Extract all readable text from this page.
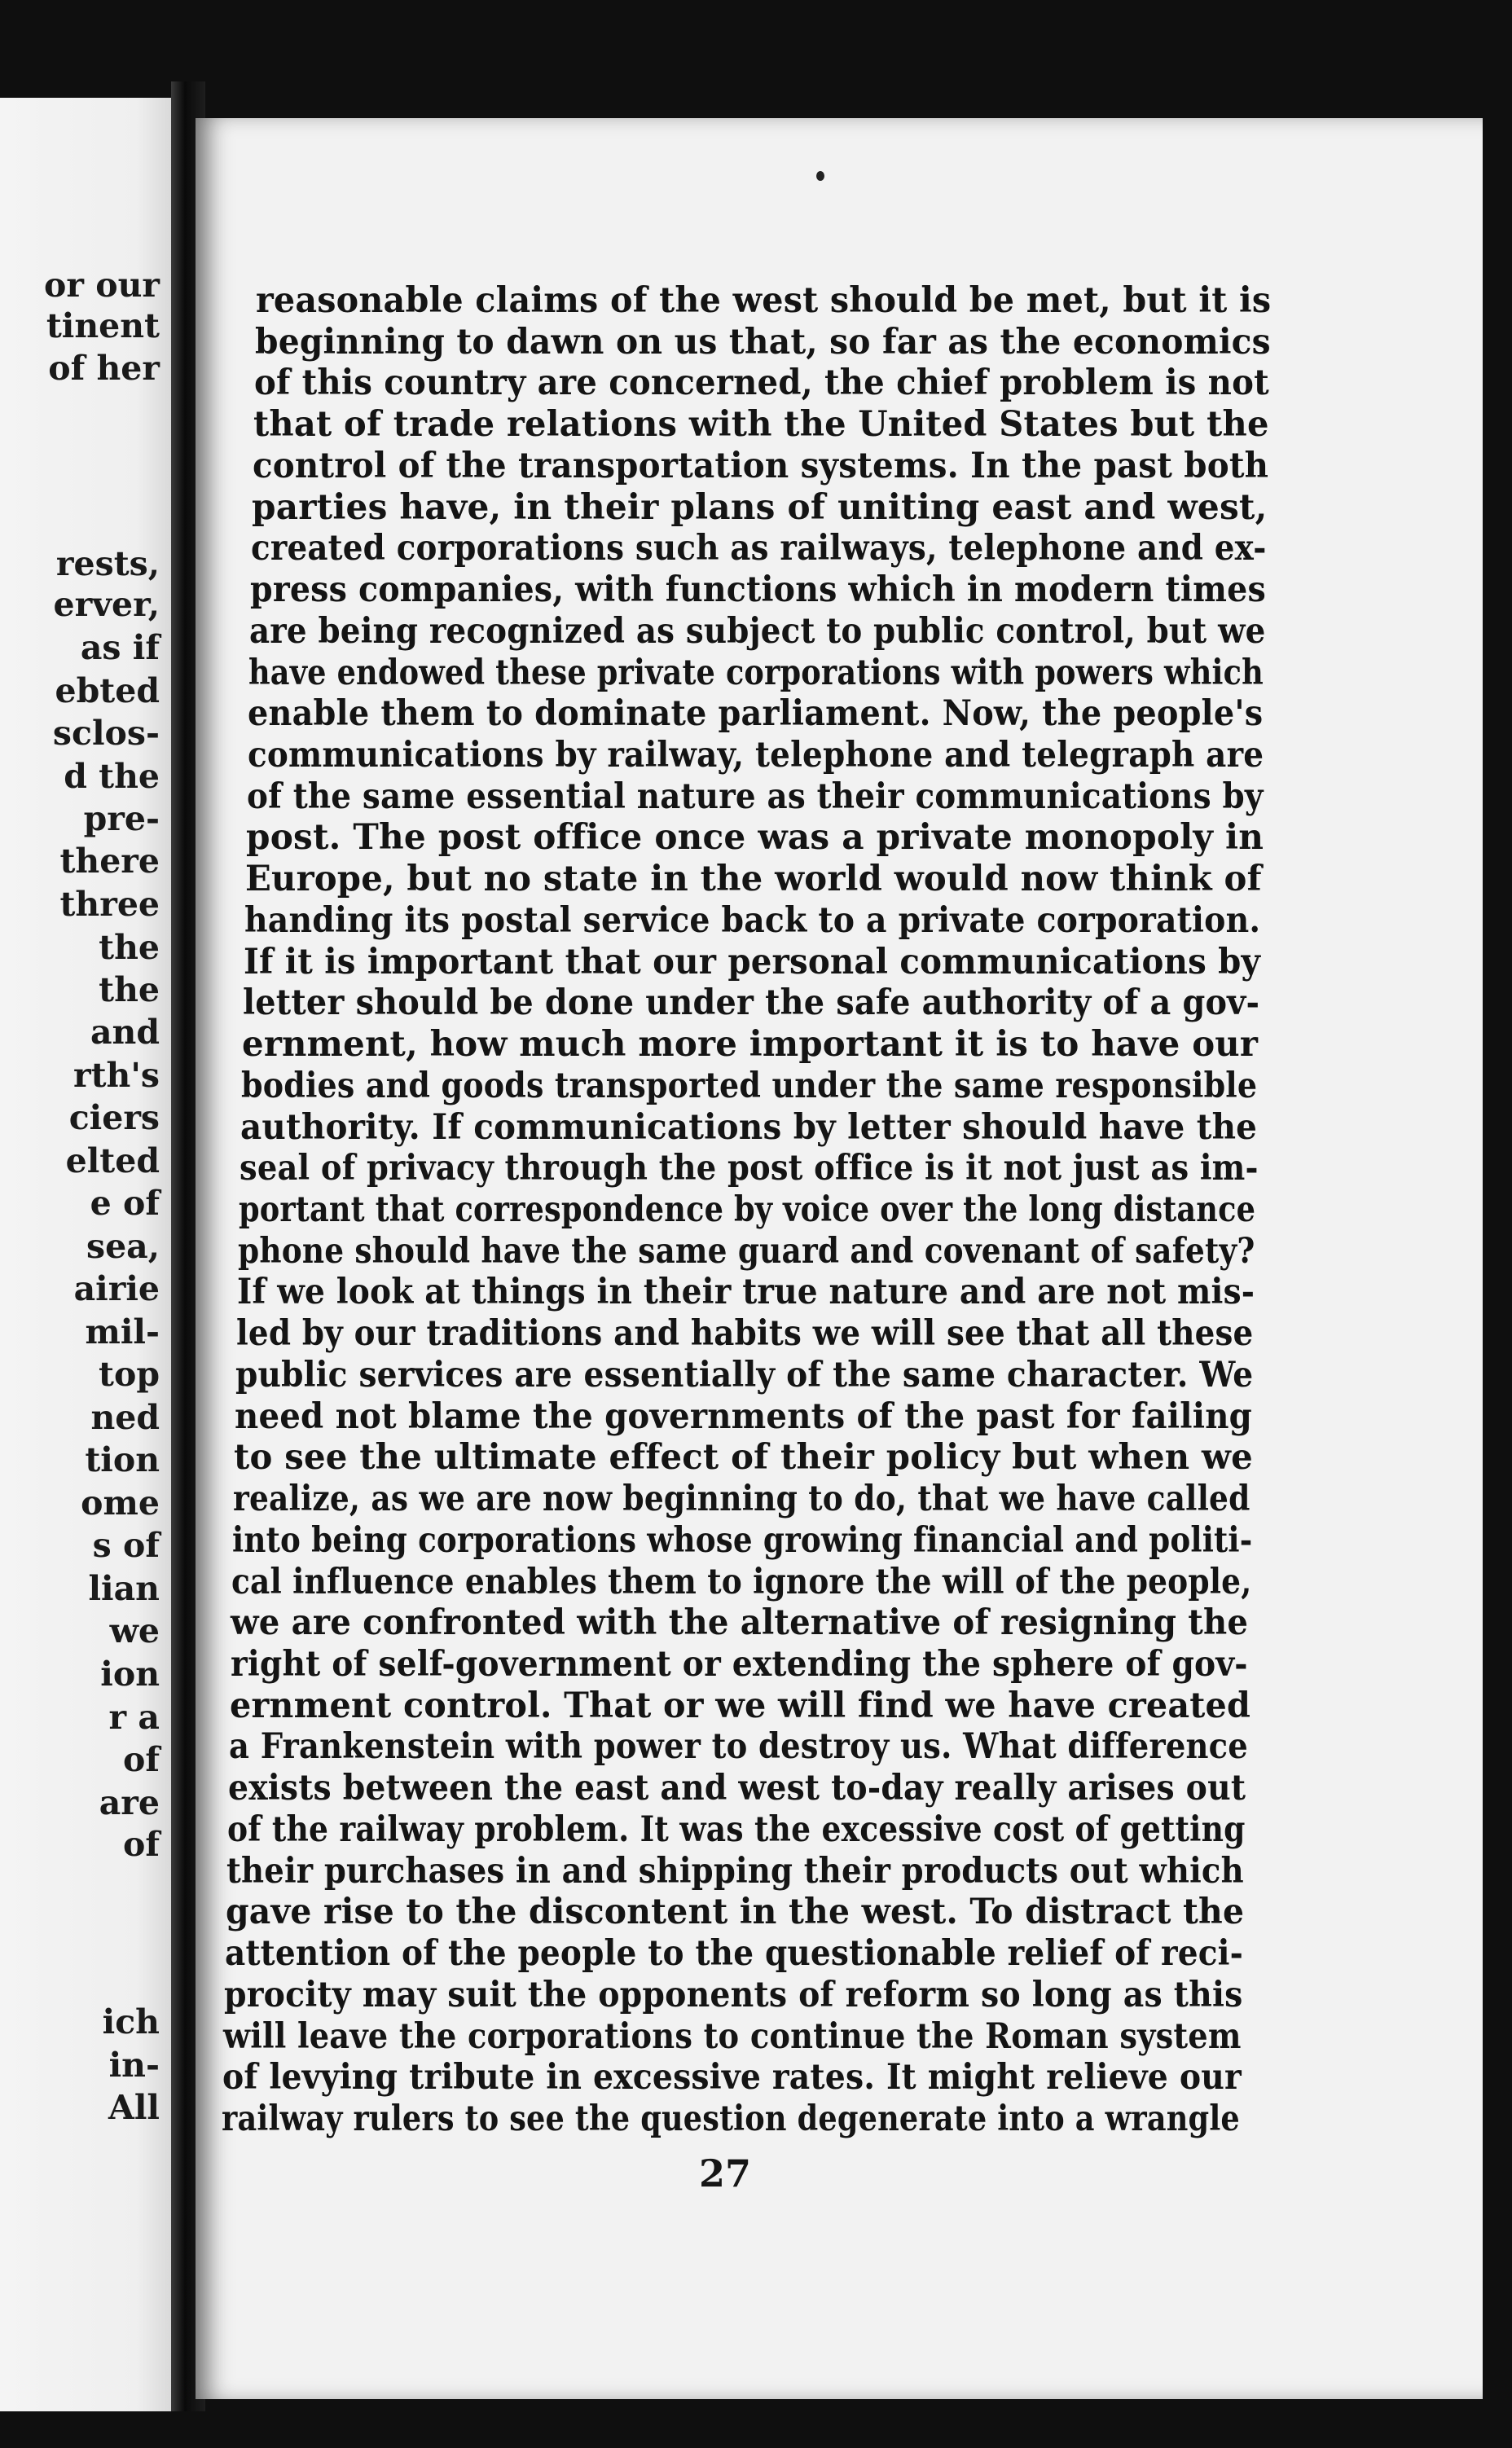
or our
tinent
of her
rests,
erver,
as if
ebted
sclos-
d the
pre-
there
three
the
the
and
rth's
ciers
elted
e of
sea,
airie
mil-
top
ned
tion
ome
s of
lian
we
ion
r a
of
are
ich
of
in-
All
reasonable claims of the west should be met, but it is
beginning to dawn on us that, so far as the economics
of this country are concerned, the chief problem is not
that of trade relations with the United States but the
control of the transportation systems. In the past both
parties have, in their plans of uniting east and west,
created corporations such as railways, telephone and ex-
press companies, with functions which in modern times
are being recognized as subject to public control, but we
have endowed these private corporations with powers which
enable them to dominate parliament. Now, the people's
communications by railway, telephone and telegraph are
of the same essential nature as their communications by
post. The post office once was a private monopoly in
Europe, but no state in the world would now think of
handing its postal service back to a private corporation.
If it is important that our personal communications by
letter should be done under the safe authority of a gov-
ernment, how much more important it is to have our
bodies and goods transported under the same responsible
authority. If communications by letter should have the
seal of privacy through the post office is it not just as im-
portant that correspondence by voice over the long distance
phone should have the same guard and covenant of safety?
If we look at things in their true nature and are not mis-
led by our traditions and habits we will see that all these
public services are essentially of the same character. We
need not blame the governments of the past for failing
to see the ultimate effect of their policy but when we
realize, as we are now beginning to do, that we have called
into being corporations whose growing financial and politi-
cal influence enables them to ignore the will of the people,
we are confronted with the alternative of resigning the
right of self-government or extending the sphere of gov-
ernment control. That or we will find we have created
a Frankenstein with power to destroy us. What difference
exists between the east and west to-day really arises out
of the railway problem. It was the excessive cost of getting
their purchases in and shipping their products out which
gave rise to the discontent in the west. To distract the
attention of the people to the questionable relief of reci-
procity may suit the opponents of reform so long as this
will leave the corporations to continue the Roman system
of levying tribute in excessive rates. It might relieve our
railway rulers to see the question degenerate into a wrangle
27
